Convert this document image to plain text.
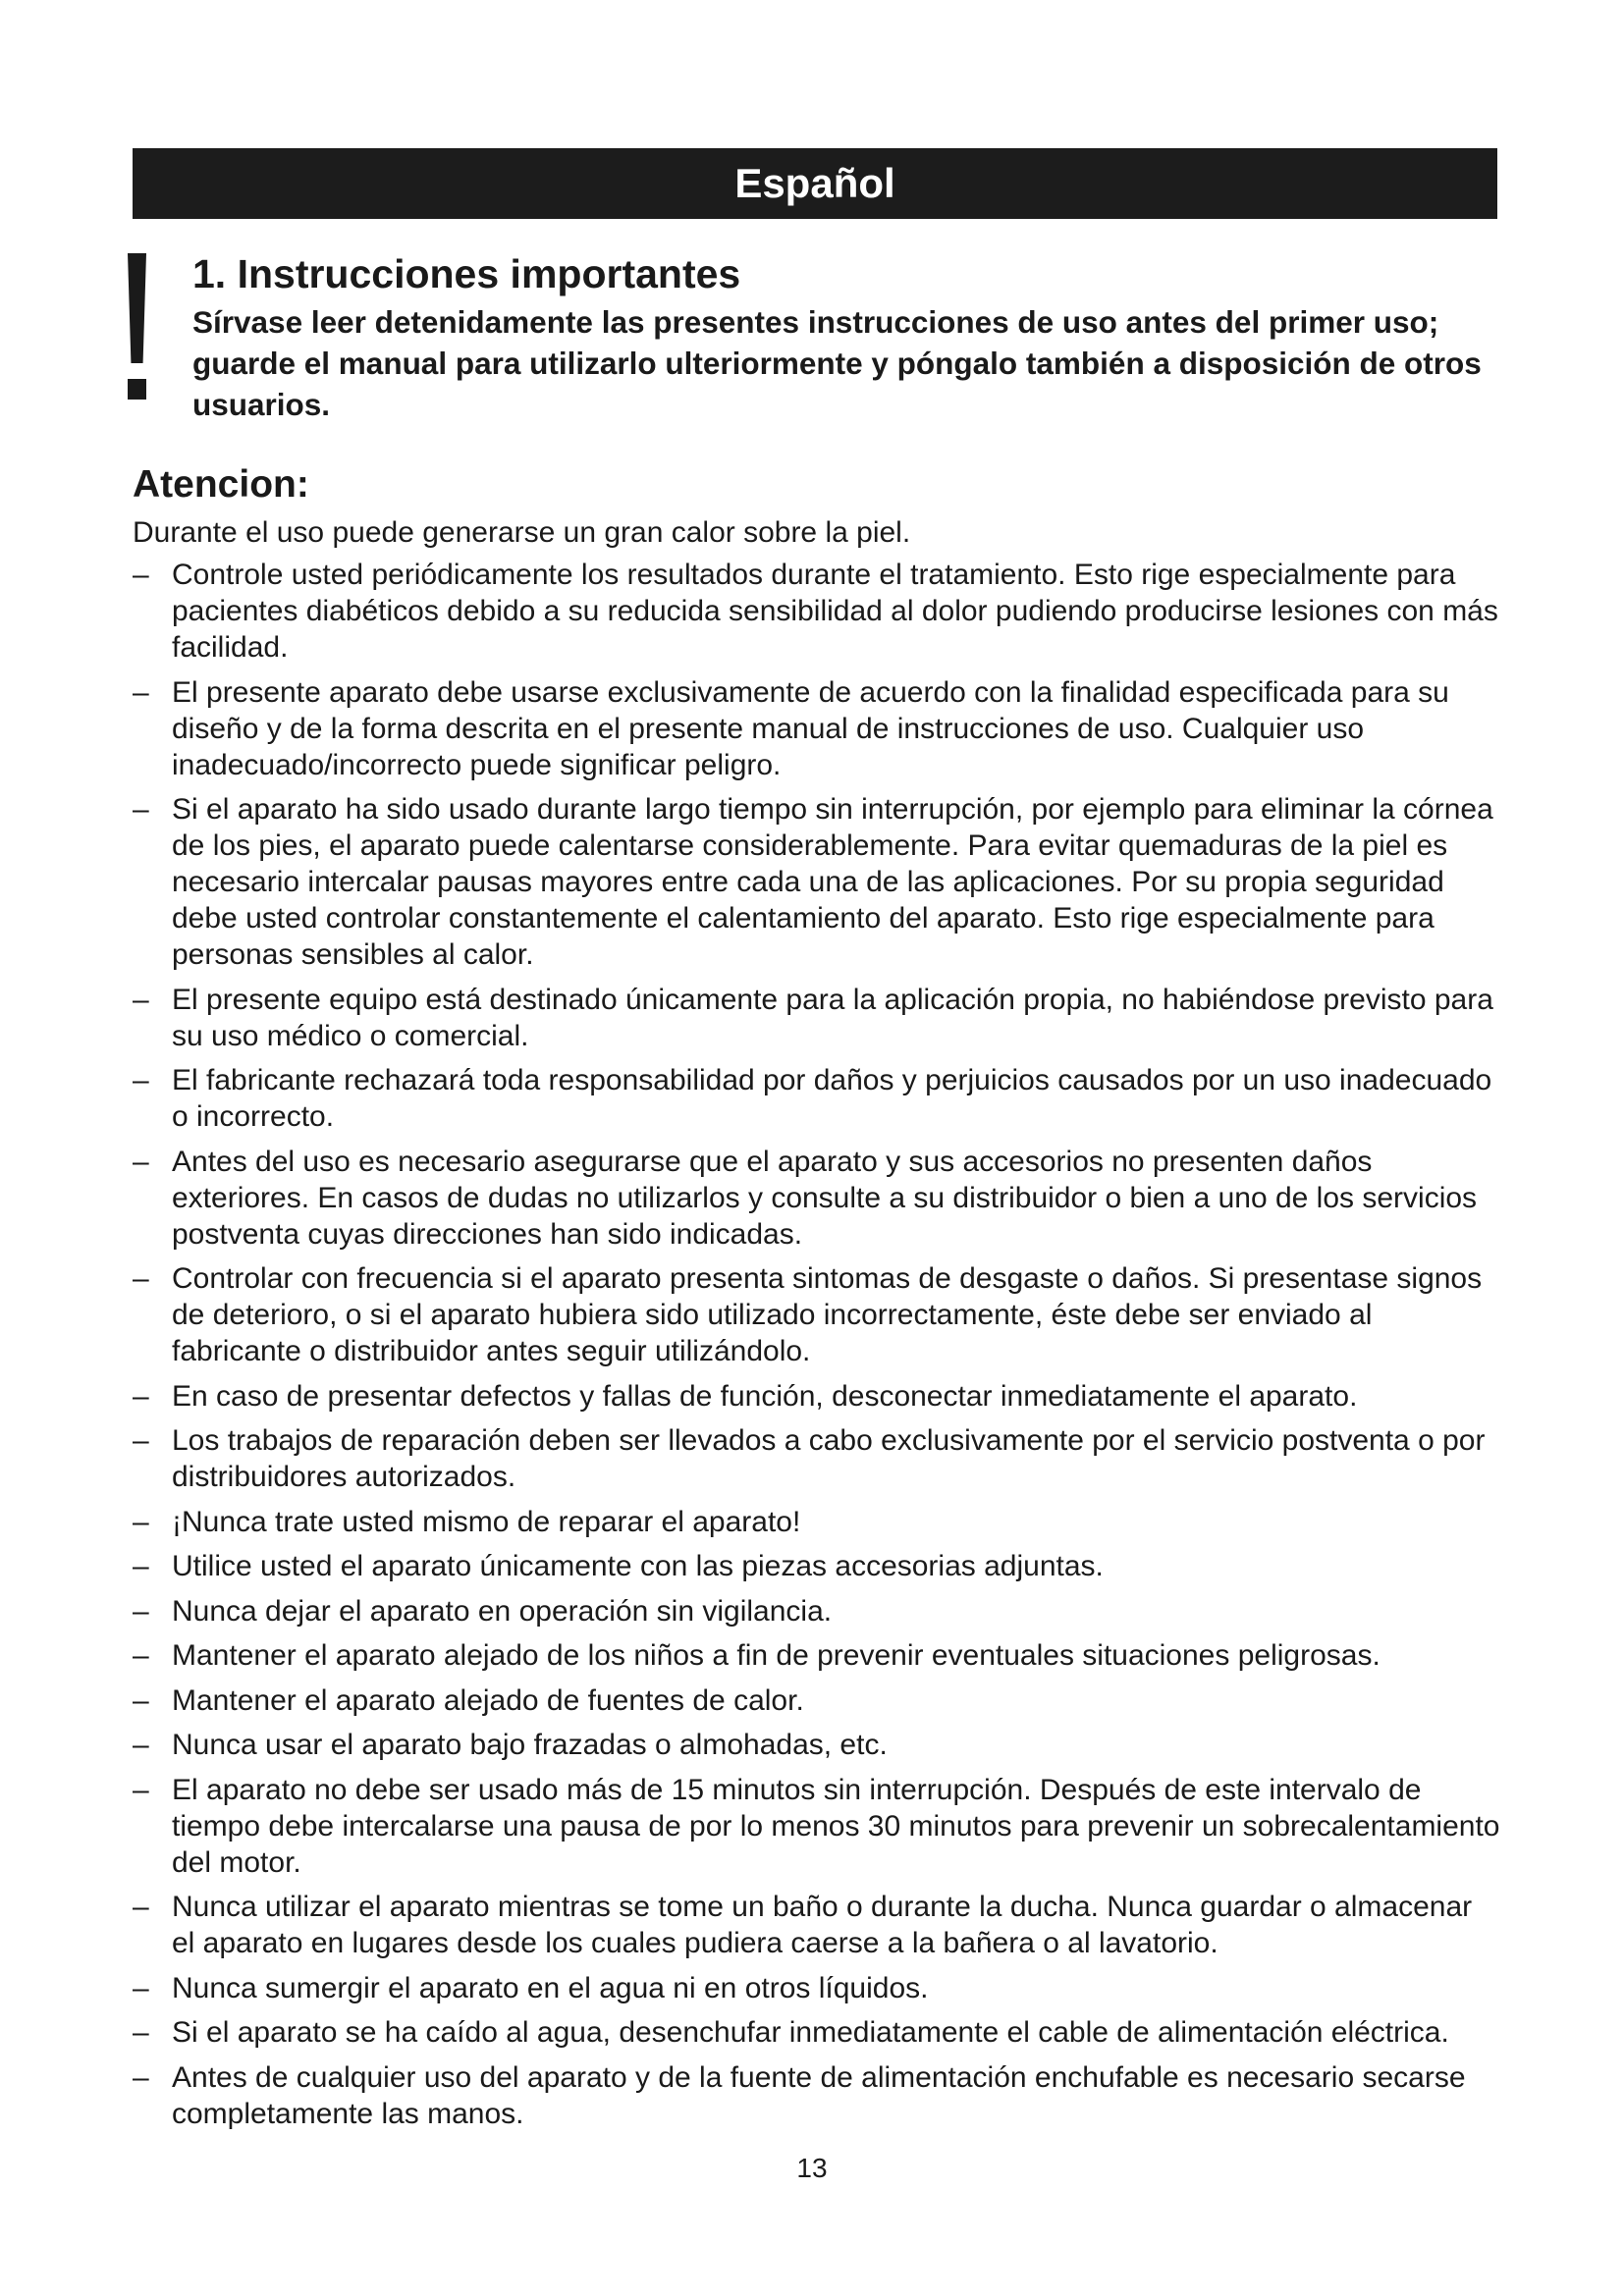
Español
1. Instrucciones importantes

Sírvase leer detenidamente las presentes instrucciones de uso antes del primer uso; guarde el manual para utilizarlo ulteriormente y póngalo también a disposición de otros usuarios.

Atencion:

Durante el uso puede generarse un gran calor sobre la piel.

– Controle usted periódicamente los resultados durante el tratamiento. Esto rige especialmente para pacientes diabéticos debido a su reducida sensibilidad al dolor pudiendo producirse lesiones con más facilidad.
– El presente aparato debe usarse exclusivamente de acuerdo con la finalidad especificada para su diseño y de la forma descrita en el presente manual de instrucciones de uso. Cualquier uso inadecuado/incorrecto puede significar peligro.
– Si el aparato ha sido usado durante largo tiempo sin interrupción, por ejemplo para eliminar la córnea de los pies, el aparato puede calentarse considerablemente. Para evitar quemaduras de la piel es necesario intercalar pausas mayores entre cada una de las aplicaciones. Por su propia seguridad debe usted controlar constantemente el calentamiento del aparato. Esto rige especialmente para personas sensibles al calor.
– El presente equipo está destinado únicamente para la aplicación propia, no habiéndose previsto para su uso médico o comercial.
– El fabricante rechazará toda responsabilidad por daños y perjuicios causados por un uso inadecuado o incorrecto.
– Antes del uso es necesario asegurarse que el aparato y sus accesorios no presenten daños exteriores. En casos de dudas no utilizarlos y consulte a su distribuidor o bien a uno de los servicios postventa cuyas direcciones han sido indicadas.
– Controlar con frecuencia si el aparato presenta sintomas de desgaste o daños. Si presentase signos de deterioro, o si el aparato hubiera sido utilizado incorrectamente, éste debe ser enviado al fabricante o distribuidor antes seguir utilizándolo.
– En caso de presentar defectos y fallas de función, desconectar inmediatamente el aparato.
– Los trabajos de reparación deben ser llevados a cabo exclusivamente por el servicio postventa o por distribuidores autorizados.
– ¡Nunca trate usted mismo de reparar el aparato!
– Utilice usted el aparato únicamente con las piezas accesorias adjuntas.
– Nunca dejar el aparato en operación sin vigilancia.
– Mantener el aparato alejado de los niños a fin de prevenir eventuales situaciones peligrosas.
– Mantener el aparato alejado de fuentes de calor.
– Nunca usar el aparato bajo frazadas o almohadas, etc.
– El aparato no debe ser usado más de 15 minutos sin interrupción. Después de este intervalo de tiempo debe intercalarse una pausa de por lo menos 30 minutos para prevenir un sobrecalentamiento del motor.
– Nunca utilizar el aparato mientras se tome un baño o durante la ducha. Nunca guardar o almacenar el aparato en lugares desde los cuales pudiera caerse a la bañera o al lavatorio.
– Nunca sumergir el aparato en el agua ni en otros líquidos.
– Si el aparato se ha caído al agua, desenchufar inmediatamente el cable de alimentación eléctrica.
– Antes de cualquier uso del aparato y de la fuente de alimentación enchufable es necesario secarse completamente las manos.
13
